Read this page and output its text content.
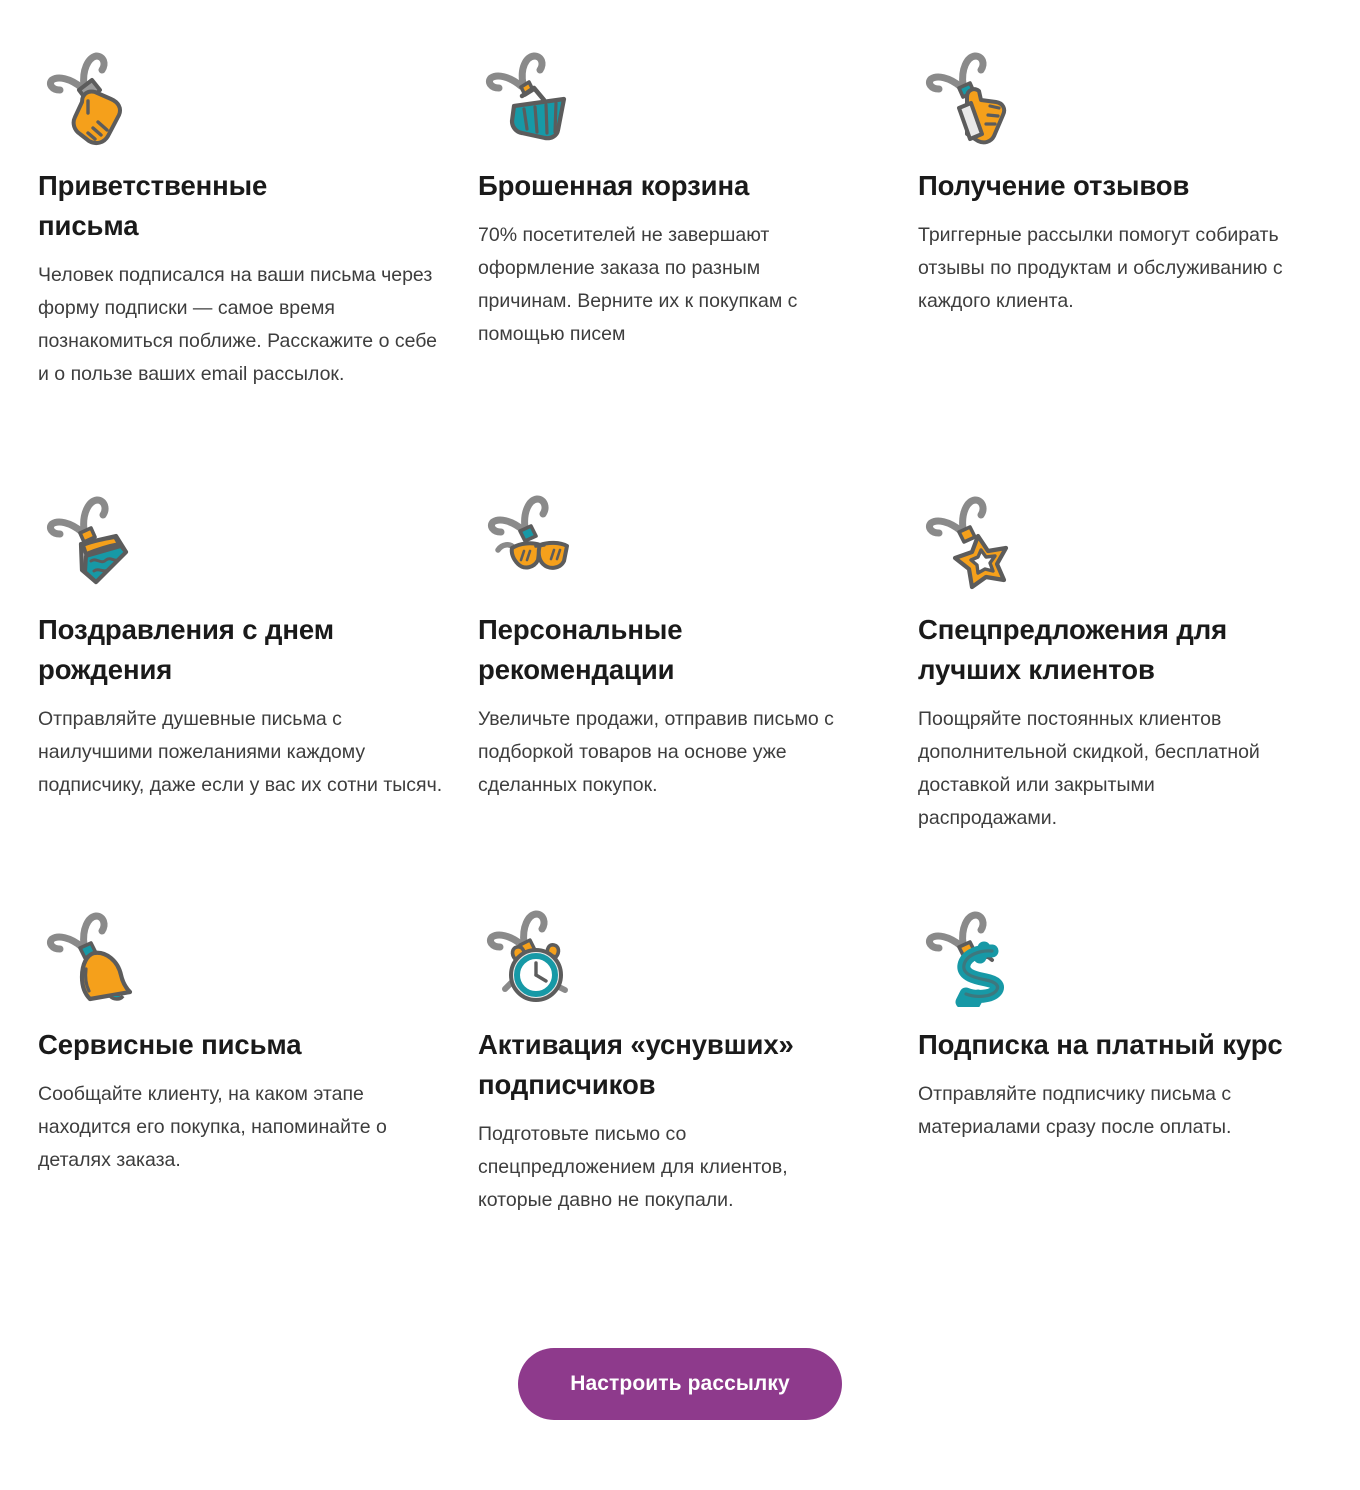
Приветственные письма
Человек подписался на ваши письма через форму подписки — самое время познакомиться поближе. Расскажите о себе и о пользе ваших email рассылок.
Брошенная корзина
70% посетителей не завершают оформление заказа по разным причинам. Верните их к покупкам с помощью писем
Получение отзывов
Триггерные рассылки помогут собирать отзывы по продуктам и обслуживанию с каждого клиента.
Поздравления с днем рождения
Отправляйте душевные письма с наилучшими пожеланиями каждому подписчику, даже если у вас их сотни тысяч.
Персональные рекомендации
Увеличьте продажи, отправив письмо с подборкой товаров на основе уже сделанных покупок.
Спецпредложения для лучших клиентов
Поощряйте постоянных клиентов дополнительной скидкой, бесплатной доставкой или закрытыми распродажами.
Сервисные письма
Сообщайте клиенту, на каком этапе находится его покупка, напоминайте о деталях заказа.
Активация «уснувших» подписчиков
Подготовьте письмо со спецпредложением для клиентов, которые давно не покупали.
Подписка на платный курс
Отправляйте подписчику письма с материалами сразу после оплаты.
Настроить рассылку
